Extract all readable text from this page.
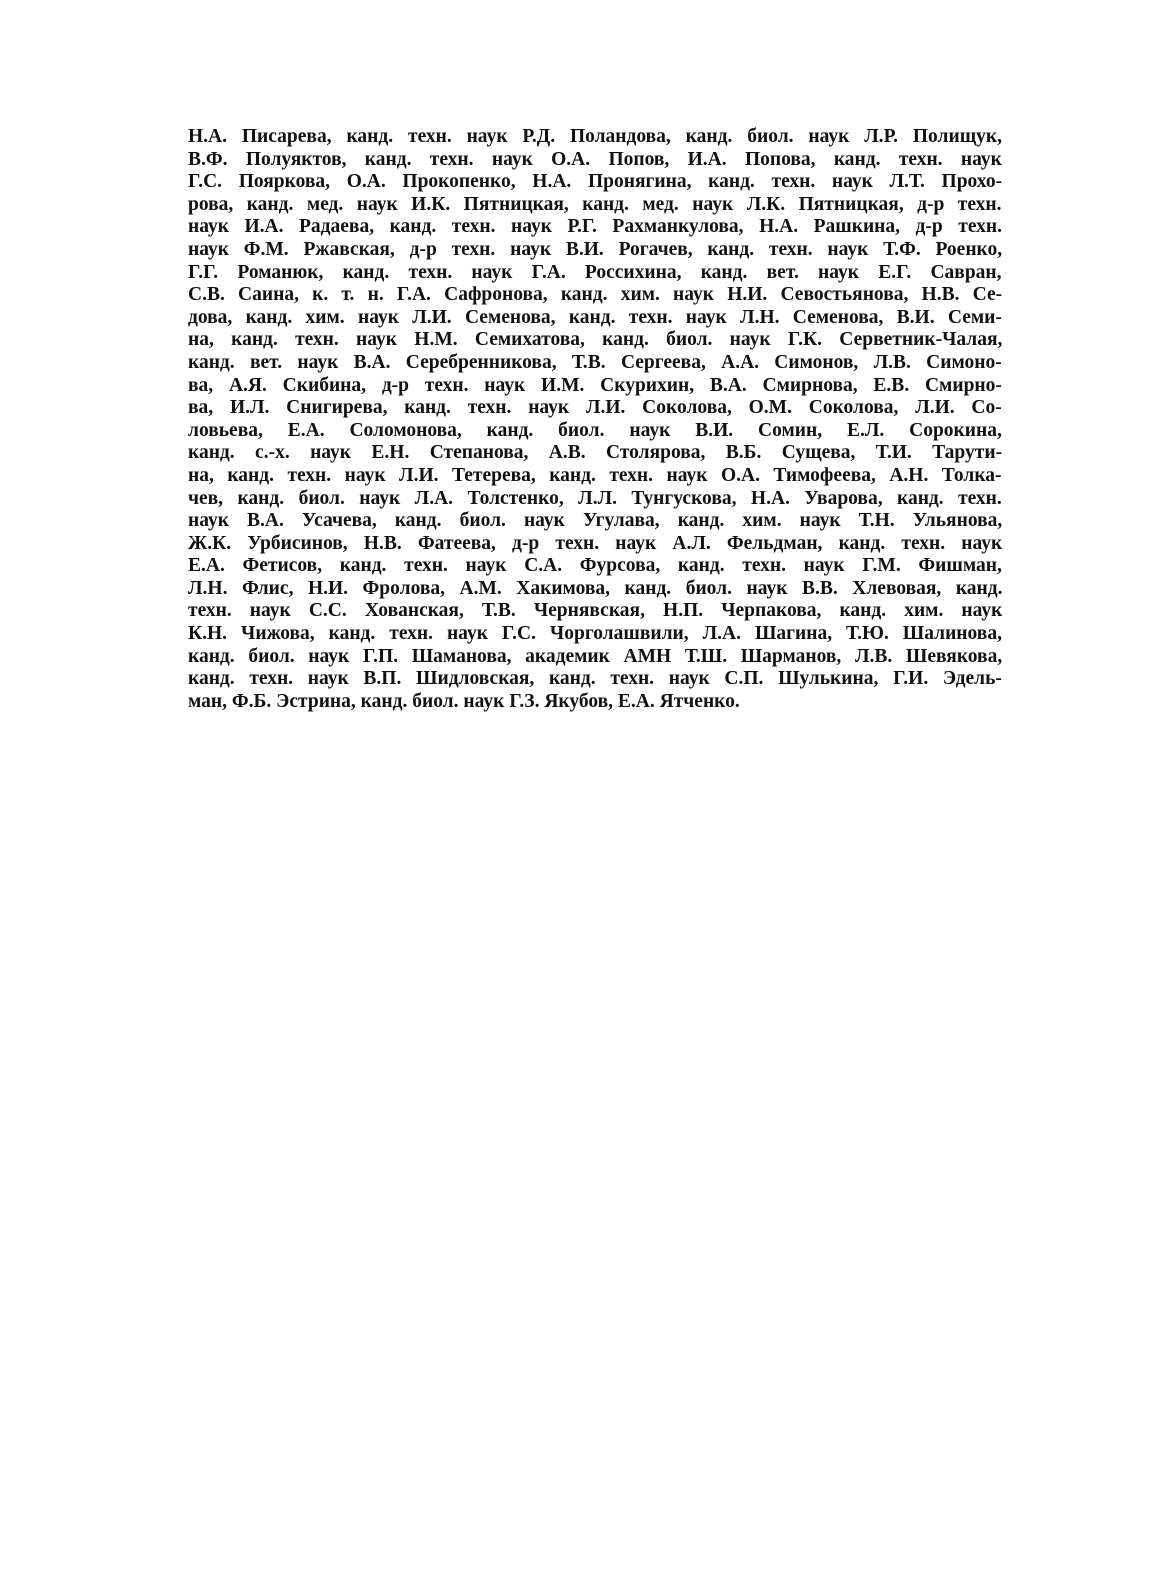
Н.А. Писарева, канд. техн. наук Р.Д. Поландова, канд. биол. наук Л.Р. Полищук,
В.Ф. Полуяктов, канд. техн. наук О.А. Попов, И.А. Попова, канд. техн. наук
Г.С. Пояркова, О.А. Прокопенко, Н.А. Пронягина, канд. техн. наук Л.Т. Прохо-
рова, канд. мед. наук И.К. Пятницкая, канд. мед. наук Л.К. Пятницкая, д-р техн.
наук И.А. Радаева, канд. техн. наук Р.Г. Рахманкулова, Н.А. Рашкина, д-р техн.
наук Ф.М. Ржавская, д-р техн. наук В.И. Рогачев, канд. техн. наук Т.Ф. Роенко,
Г.Г. Романюк, канд. техн. наук Г.А. Россихина, канд. вет. наук Е.Г. Савран,
С.В. Саина, к. т. н. Г.А. Сафронова, канд. хим. наук Н.И. Севостьянова, Н.В. Се-
дова, канд. хим. наук Л.И. Семенова, канд. техн. наук Л.Н. Семенова, В.И. Семи-
на, канд. техн. наук Н.М. Семихатова, канд. биол. наук Г.К. Серветник-Чалая,
канд. вет. наук В.А. Серебренникова, Т.В. Сергеева, А.А. Симонов, Л.В. Симоно-
ва, А.Я. Скибина, д-р техн. наук И.М. Скурихин, В.А. Смирнова, Е.В. Смирно-
ва, И.Л. Снигирева, канд. техн. наук Л.И. Соколова, О.М. Соколова, Л.И. Со-
ловьева, Е.А. Соломонова, канд. биол. наук В.И. Сомин, Е.Л. Сорокина,
канд. с.-х. наук Е.Н. Степанова, А.В. Столярова, В.Б. Сущева, Т.И. Тарути-
на, канд. техн. наук Л.И. Тетерева, канд. техн. наук О.А. Тимофеева, А.Н. Толка-
чев, канд. биол. наук Л.А. Толстенко, Л.Л. Тунгускова, Н.А. Уварова, канд. техн.
наук В.А. Усачева, канд. биол. наук Угулава, канд. хим. наук Т.Н. Ульянова,
Ж.К. Урбисинов, Н.В. Фатеева, д-р техн. наук А.Л. Фельдман, канд. техн. наук
Е.А. Фетисов, канд. техн. наук С.А. Фурсова, канд. техн. наук Г.М. Фишман,
Л.Н. Флис, Н.И. Фролова, А.М. Хакимова, канд. биол. наук В.В. Хлевовая, канд.
техн. наук С.С. Хованская, Т.В. Чернявская, Н.П. Черпакова, канд. хим. наук
К.Н. Чижова, канд. техн. наук Г.С. Чорголашвили, Л.А. Шагина, Т.Ю. Шалинова,
канд. биол. наук Г.П. Шаманова, академик АМН Т.Ш. Шарманов, Л.В. Шевякова,
канд. техн. наук В.П. Шидловская, канд. техн. наук С.П. Шулькина, Г.И. Эдель-
ман, Ф.Б. Эстрина, канд. биол. наук Г.З. Якубов, Е.А. Ятченко.
